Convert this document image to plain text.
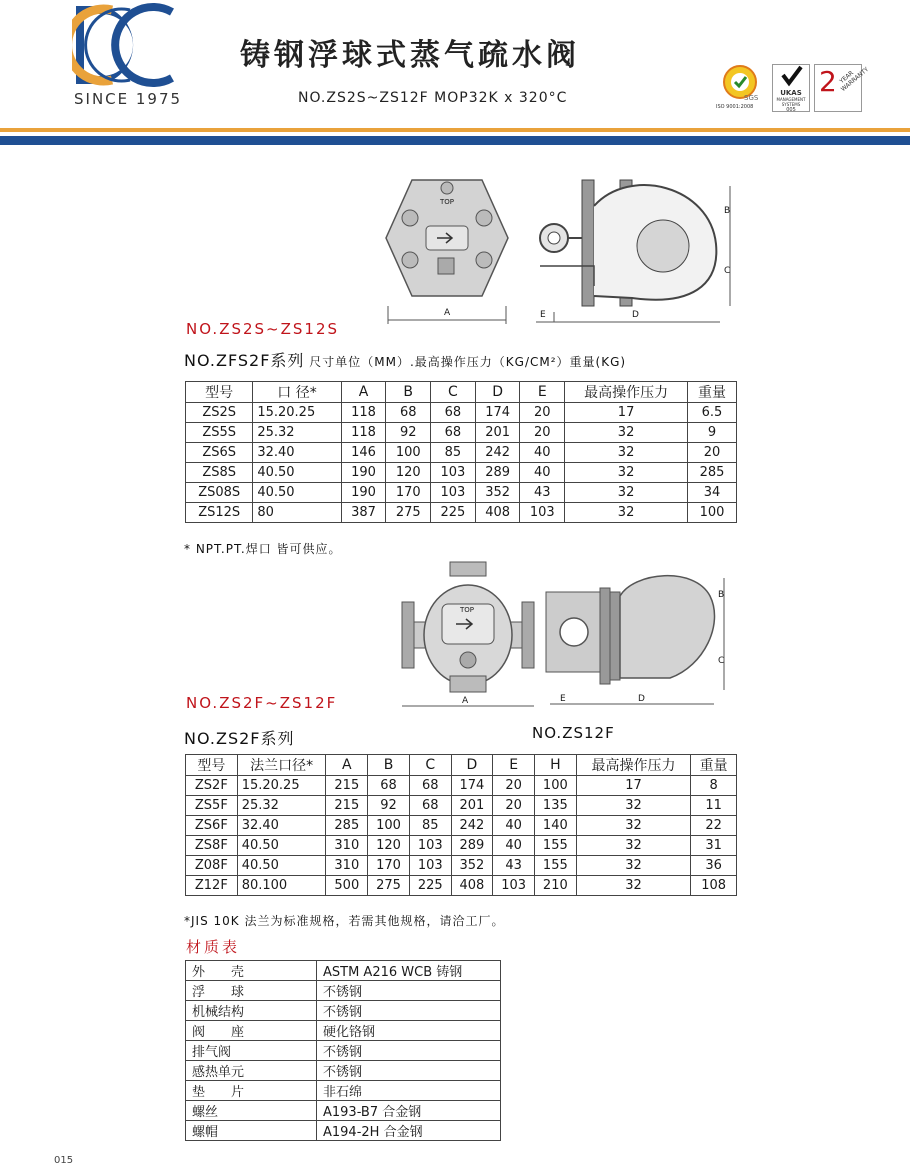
SINCE 1975
铸钢浮球式蒸气疏水阀
NO.ZS2S~ZS12F MOP32K x 320°C	SGS
ISO 9001:2008
UKAS
MANAGEMENT SYSTEMS
005
2 YEAR WARRANTY
TOP
A
B
C
E	D
NO.ZS2S~ZS12S
NO.ZFS2F系列 尺寸单位（MM）.最高操作压力（KG/CM²）重量(KG)
型号	口 径*	A	B	C	D	E	最高操作压力	重量
ZS2S	15.20.25	118	68	68	174	20	17	6.5
ZS5S	25.32	118	92	68	201	20	32	9
ZS6S	32.40	146	100	85	242	40	32	20
ZS8S	40.50	190	120	103	289	40	32	285
ZS08S	40.50	190	170	103	352	43	32	34
ZS12S	80	387	275	225	408	103	32	100
* NPT.PT.焊口 皆可供应。
TOP
A
B
C
E	D
NO.ZS2F~ZS12F
NO.ZS2F系列	NO.ZS12F
型号	法兰口径*	A	B	C	D	E	H	最高操作压力	重量
ZS2F	15.20.25	215	68	68	174	20	100	17	8
ZS5F	25.32	215	92	68	201	20	135	32	11
ZS6F	32.40	285	100	85	242	40	140	32	22
ZS8F	40.50	310	120	103	289	40	155	32	31
Z08F	40.50	310	170	103	352	43	155	32	36
Z12F	80.100	500	275	225	408	103	210	32	108
*JIS 10K 法兰为标准规格，若需其他规格，请洽工厂。
材质表
外　　壳	ASTM A216 WCB 铸钢
浮　　球	不锈钢
机械结构	不锈钢
阀　　座	硬化铬钢
排气阀	不锈钢
感热单元	不锈钢
垫　　片	非石绵
螺丝	A193-B7 合金钢
螺帽	A194-2H 合金钢
015
